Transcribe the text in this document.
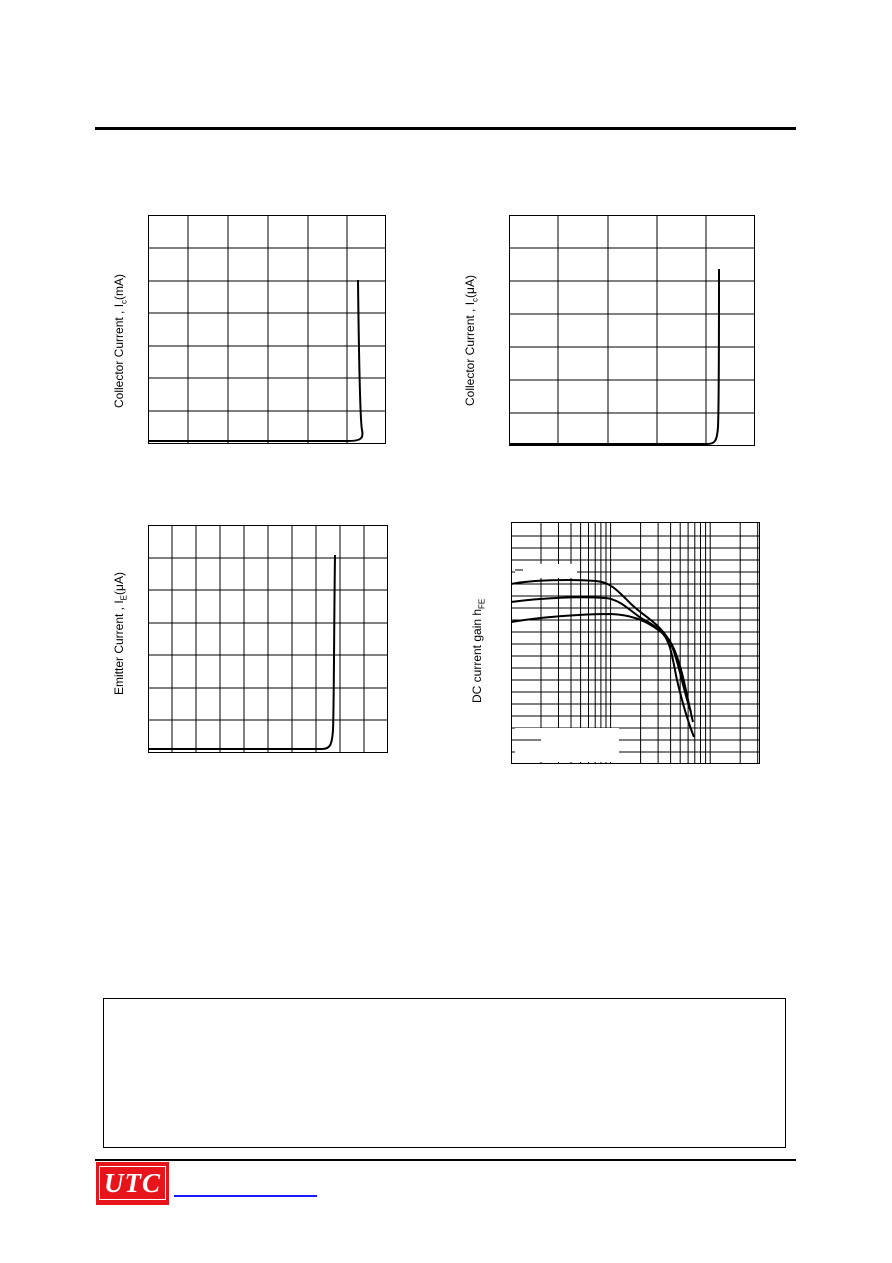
Collector Current , $I_c(mA)$
Collector Current , $I_c(\mu A)$
Emitter Current , $I_E(\mu A)$
DC current gain $h_{FE}$
UTC
